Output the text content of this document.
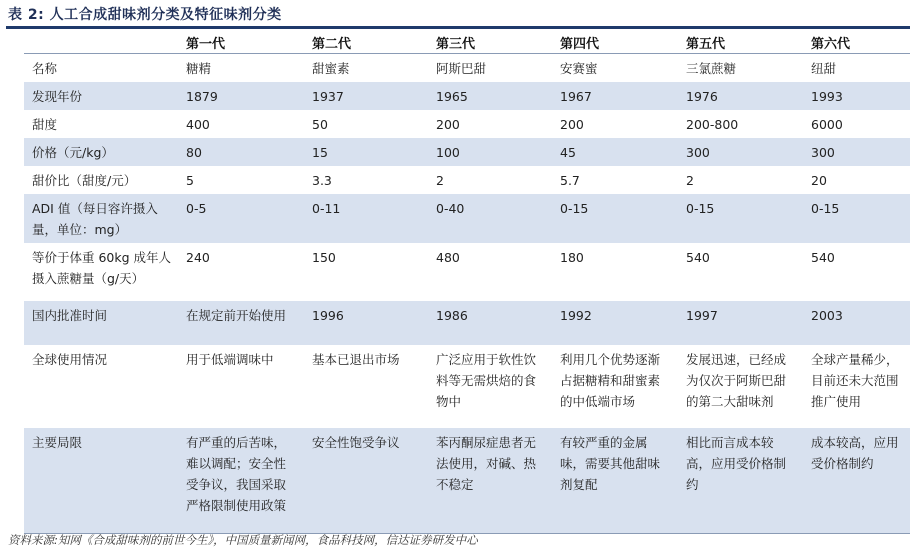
表 2: 人工合成甜味剂分类及特征味剂分类
	第一代	第二代	第三代	第四代	第五代	第六代
名称	糖精	甜蜜素	阿斯巴甜	安赛蜜	三氯蔗糖	纽甜
发现年份	1879	1937	1965	1967	1976	1993
甜度	400	50	200	200	200-800	6000
价格（元/kg）	80	15	100	45	300	300
甜价比（甜度/元）	5	3.3	2	5.7	2	20
ADI 值（每日容许摄入量，单位：mg）	0-5	0-11	0-40	0-15	0-15	0-15
等价于体重 60kg 成年人摄入蔗糖量（g/天）	240	150	480	180	540	540
国内批准时间	在规定前开始使用	1996	1986	1992	1997	2003
全球使用情况	用于低端调味中	基本已退出市场	广泛应用于软性饮料等无需烘焙的食物中	利用几个优势逐渐占据糖精和甜蜜素的中低端市场	发展迅速，已经成为仅次于阿斯巴甜的第二大甜味剂	全球产量稀少，目前还未大范围推广使用
主要局限	有严重的后苦味，难以调配；安全性受争议，我国采取严格限制使用政策	安全性饱受争议	苯丙酮尿症患者无法使用，对碱、热不稳定	有较严重的金属味，需要其他甜味剂复配	相比而言成本较高，应用受价格制约	成本较高，应用受价格制约
资料来源:知网《合成甜味剂的前世今生》，中国质量新闻网，食品科技网，信达证券研发中心
